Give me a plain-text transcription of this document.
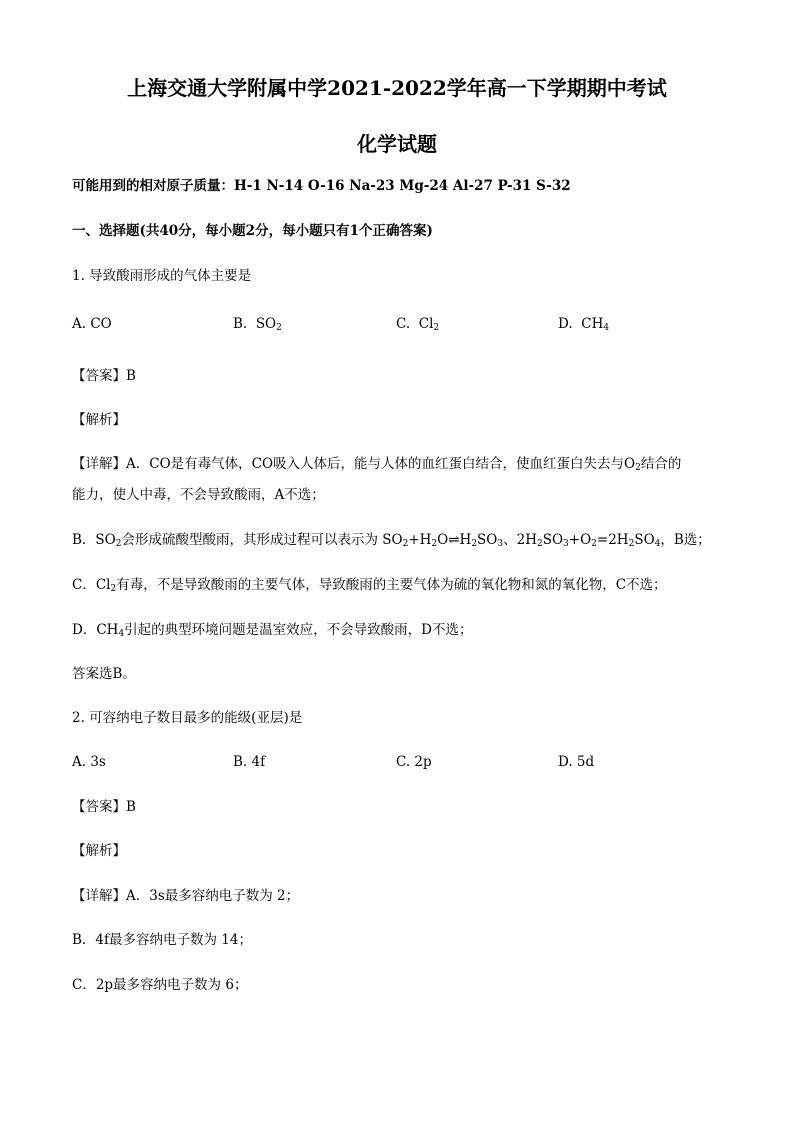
上海交通大学附属中学2021-2022学年高一下学期期中考试
化学试题
可能用到的相对原子质量：H-1 N-14 O-16 Na-23 Mg-24 Al-27 P-31 S-32
一、选择题(共40分，每小题2分，每小题只有1个正确答案)
1. 导致酸雨形成的气体主要是
A. CO	B. $SO_2$	C. $Cl_2$	D. $CH_4$
【答案】B
【解析】
【详解】A．CO是有毒气体，CO吸入人体后，能与人体的血红蛋白结合，使血红蛋白失去与$O_2$结合的
能力，使人中毒，不会导致酸雨，A不选；
B．$SO_2$会形成硫酸型酸雨，其形成过程可以表示为 $SO_2+H_2O\rightleftharpoons H_2SO_3$、$2H_2SO_3+O_2=2H_2SO_4$，B选；
C．$Cl_2$有毒，不是导致酸雨的主要气体，导致酸雨的主要气体为硫的氧化物和氮的氧化物，C不选；
D．$CH_4$引起的典型环境问题是温室效应，不会导致酸雨，D不选；
答案选B。
2. 可容纳电子数目最多的能级(亚层)是
A. 3s	B. 4f	C. 2p	D. 5d
【答案】B
【解析】
【详解】A．3s最多容纳电子数为 2；
B．4f最多容纳电子数为 14；
C．2p最多容纳电子数为 6；
